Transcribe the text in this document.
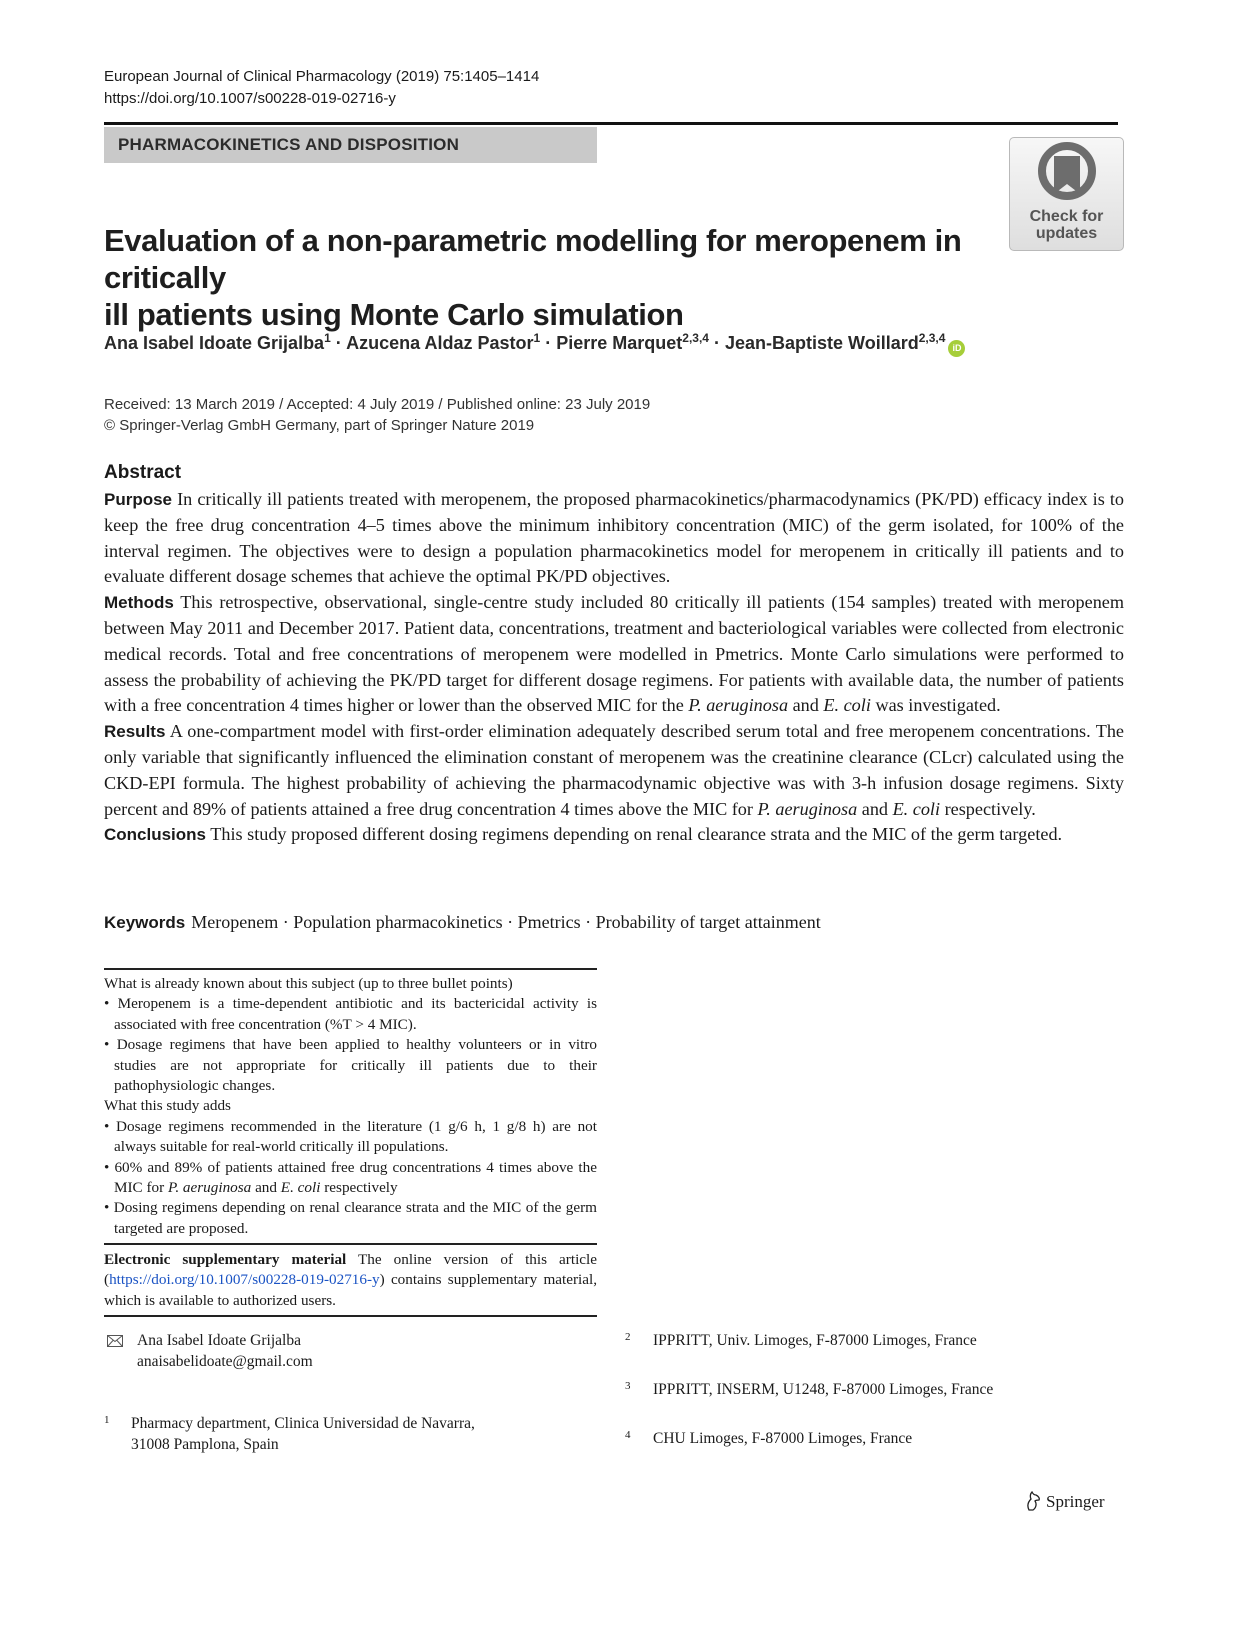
European Journal of Clinical Pharmacology (2019) 75:1405–1414
https://doi.org/10.1007/s00228-019-02716-y
PHARMACOKINETICS AND DISPOSITION
Check for
updates
Evaluation of a non-parametric modelling for meropenem in critically
ill patients using Monte Carlo simulation
Ana Isabel Idoate Grijalba$^1$ · Azucena Aldaz Pastor$^1$ · Pierre Marquet$^{2,3,4}$ · Jean-Baptiste Woillard$^{2,3,4}$iD
Received: 13 March 2019 / Accepted: 4 July 2019 / Published online: 23 July 2019
© Springer-Verlag GmbH Germany, part of Springer Nature 2019
Abstract

Purpose In critically ill patients treated with meropenem, the proposed pharmacokinetics/pharmacodynamics (PK/PD) efficacy index is to keep the free drug concentration 4–5 times above the minimum inhibitory concentration (MIC) of the germ isolated, for 100% of the interval regimen. The objectives were to design a population pharmacokinetics model for meropenem in critically ill patients and to evaluate different dosage schemes that achieve the optimal PK/PD objectives.

Methods This retrospective, observational, single-centre study included 80 critically ill patients (154 samples) treated with meropenem between May 2011 and December 2017. Patient data, concentrations, treatment and bacteriological variables were collected from electronic medical records. Total and free concentrations of meropenem were modelled in Pmetrics. Monte Carlo simulations were performed to assess the probability of achieving the PK/PD target for different dosage regimens. For patients with available data, the number of patients with a free concentration 4 times higher or lower than the observed MIC for the P. aeruginosa and E. coli was investigated.

Results A one-compartment model with first-order elimination adequately described serum total and free meropenem concentrations. The only variable that significantly influenced the elimination constant of meropenem was the creatinine clearance (CLcr) calculated using the CKD-EPI formula. The highest probability of achieving the pharmacodynamic objective was with 3-h infusion dosage regimens. Sixty percent and 89% of patients attained a free drug concentration 4 times above the MIC for P. aeruginosa and E. coli respectively.

Conclusions This study proposed different dosing regimens depending on renal clearance strata and the MIC of the germ targeted.

Keywords Meropenem · Population pharmacokinetics · Pmetrics · Probability of target attainment

What is already known about this subject (up to three bullet points)

• Meropenem is a time-dependent antibiotic and its bactericidal activity is associated with free concentration (%T > 4 MIC).

• Dosage regimens that have been applied to healthy volunteers or in vitro studies are not appropriate for critically ill patients due to their pathophysiologic changes.

What this study adds

• Dosage regimens recommended in the literature (1 g/6 h, 1 g/8 h) are not always suitable for real-world critically ill populations.

• 60% and 89% of patients attained free drug concentrations 4 times above the MIC for P. aeruginosa and E. coli respectively

• Dosing regimens depending on renal clearance strata and the MIC of the germ targeted are proposed.

Electronic supplementary material The online version of this article (https://doi.org/10.1007/s00228-019-02716-y) contains supplementary material, which is available to authorized users.
Ana Isabel Idoate Grijalba
anaisabelidoate@gmail.com
1 Pharmacy department, Clinica Universidad de Navarra,
31008 Pamplona, Spain
2 IPPRITT, Univ. Limoges, F-87000 Limoges, France
3 IPPRITT, INSERM, U1248, F-87000 Limoges, France
4 CHU Limoges, F-87000 Limoges, France
Springer
